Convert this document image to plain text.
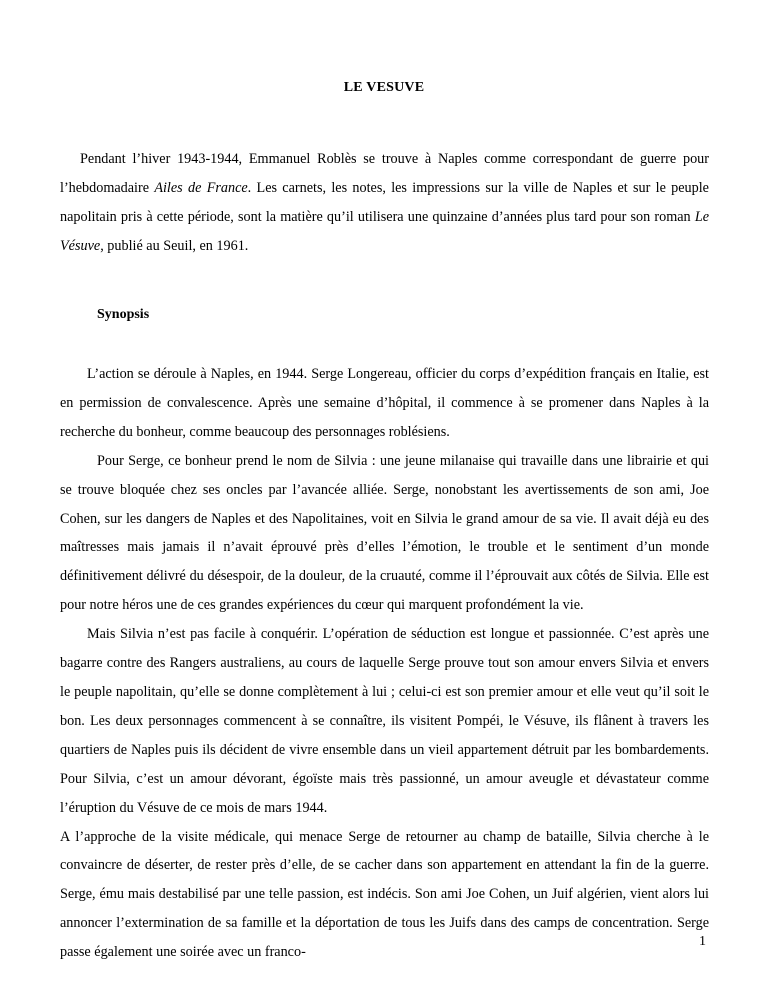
LE VESUVE
Pendant l’hiver 1943-1944, Emmanuel Roblès se trouve à Naples comme correspondant de guerre pour l’hebdomadaire Ailes de France. Les carnets, les notes, les impressions sur la ville de Naples et sur le peuple napolitain pris à cette période, sont la matière qu’il utilisera une quinzaine d’années plus tard pour son roman Le Vésuve, publié au Seuil, en 1961.
Synopsis

L’action se déroule à Naples, en 1944. Serge Longereau, officier du corps d’expédition français en Italie, est en permission de convalescence. Après une semaine d’hôpital, il commence à se promener dans Naples à la recherche du bonheur, comme beaucoup des personnages roblésiens.

Pour Serge, ce bonheur prend le nom de Silvia : une jeune milanaise qui travaille dans une librairie et qui se trouve bloquée chez ses oncles par l’avancée alliée. Serge, nonobstant les avertissements de son ami, Joe Cohen, sur les dangers de Naples et des Napolitaines, voit en Silvia le grand amour de sa vie. Il avait déjà eu des maîtresses mais jamais il n’avait éprouvé près d’elles l’émotion, le trouble et le sentiment d’un monde définitivement délivré du désespoir, de la douleur, de la cruauté, comme il l’éprouvait aux côtés de Silvia. Elle est pour notre héros une de ces grandes expériences du cœur qui marquent profondément la vie.

Mais Silvia n’est pas facile à conquérir. L’opération de séduction est longue et passionnée. C’est après une bagarre contre des Rangers australiens, au cours de laquelle Serge prouve tout son amour envers Silvia et envers le peuple napolitain, qu’elle se donne complètement à lui ; celui-ci est son premier amour et elle veut qu’il soit le bon. Les deux personnages commencent à se connaître, ils visitent Pompéi, le Vésuve, ils flânent à travers les quartiers de Naples puis ils décident de vivre ensemble dans un vieil appartement détruit par les bombardements. Pour Silvia, c’est un amour dévorant, égoïste mais très passionné, un amour aveugle et dévastateur comme l’éruption du Vésuve de ce mois de mars 1944.

A l’approche de la visite médicale, qui menace Serge de retourner au champ de bataille, Silvia cherche à le convaincre de déserter, de rester près d’elle, de se cacher dans son appartement en attendant la fin de la guerre. Serge, ému mais destabilisé par une telle passion, est indécis. Son ami Joe Cohen, un Juif algérien, vient alors lui annoncer l’extermination de sa famille et la déportation de tous les Juifs dans des camps de concentration. Serge passe également une soirée avec un franco-

1
